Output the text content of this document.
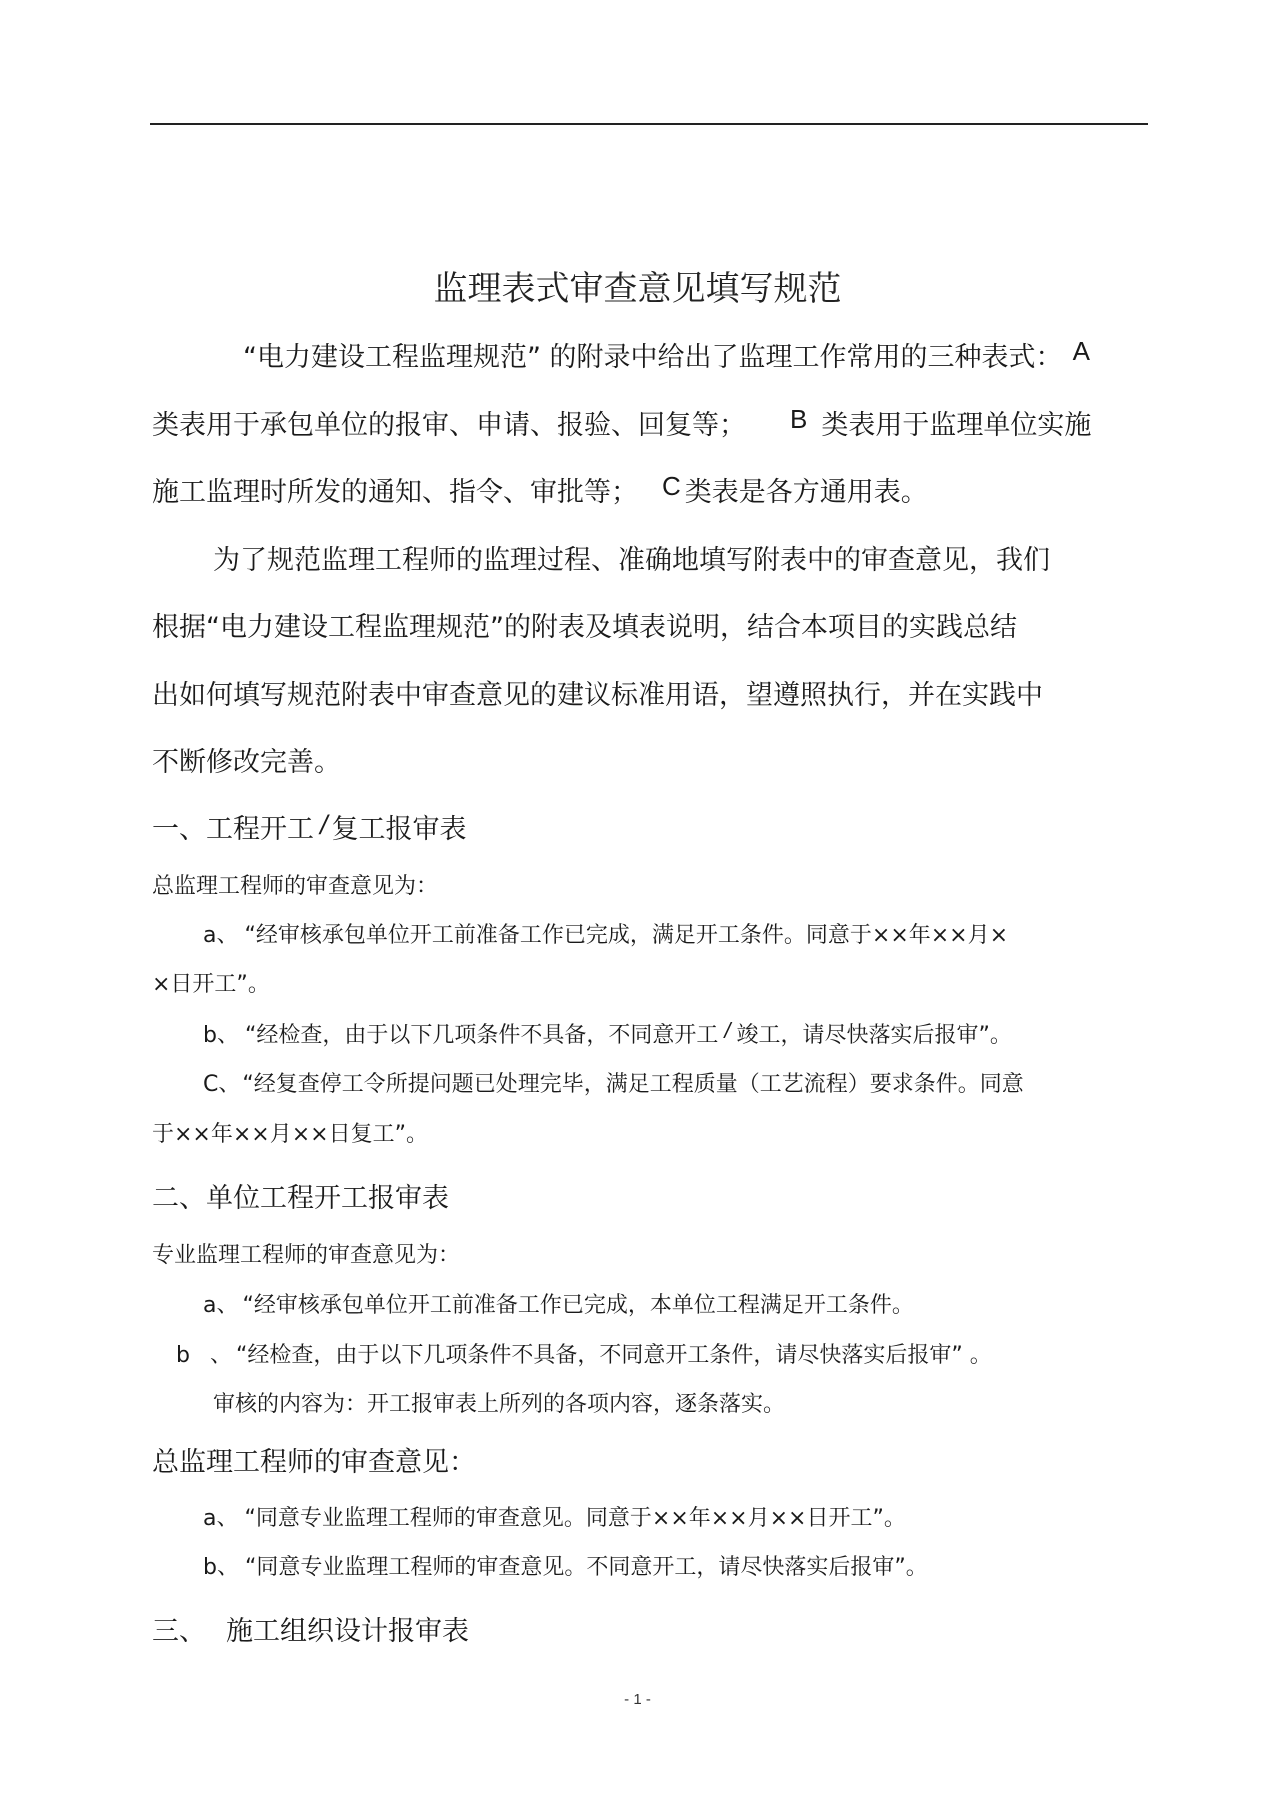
监理表式审查意见填写规范
“电力建设工程监理规范” 的附录中给出了监理工作常用的三种表式： A
类表用于承包单位的报审、申请、报验、回复等； B 类表用于监理单位实施
施工监理时所发的通知、指令、审批等； C 类表是各方通用表。
为了规范监理工程师的监理过程、准确地填写附表中的审查意见，我们
根据“电力建设工程监理规范”的附表及填表说明，结合本项目的实践总结
出如何填写规范附表中审查意见的建议标准用语，望遵照执行，并在实践中
不断修改完善。
一、工程开工 / 复工报审表
总监理工程师的审查意见为：
a、 “经审核承包单位开工前准备工作已完成，满足开工条件。同意于××年××月×
×日开工”。
b、 “经检查，由于以下几项条件不具备，不同意开工 / 竣工，请尽快落实后报审”。
C、“经复查停工令所提问题已处理完毕，满足工程质量（工艺流程）要求条件。同意
于××年××月××日复工”。
二、单位工程开工报审表
专业监理工程师的审查意见为：
a、 “经审核承包单位开工前准备工作已完成，本单位工程满足开工条件。
b 、 “经检查，由于以下几项条件不具备，不同意开工条件，请尽快落实后报审” 。
审核的内容为：开工报审表上所列的各项内容，逐条落实。
总监理工程师的审查意见：
a、 “同意专业监理工程师的审查意见。同意于××年××月××日开工”。
b、 “同意专业监理工程师的审查意见。不同意开工，请尽快落实后报审”。
三、 施工组织设计报审表
- 1 -
